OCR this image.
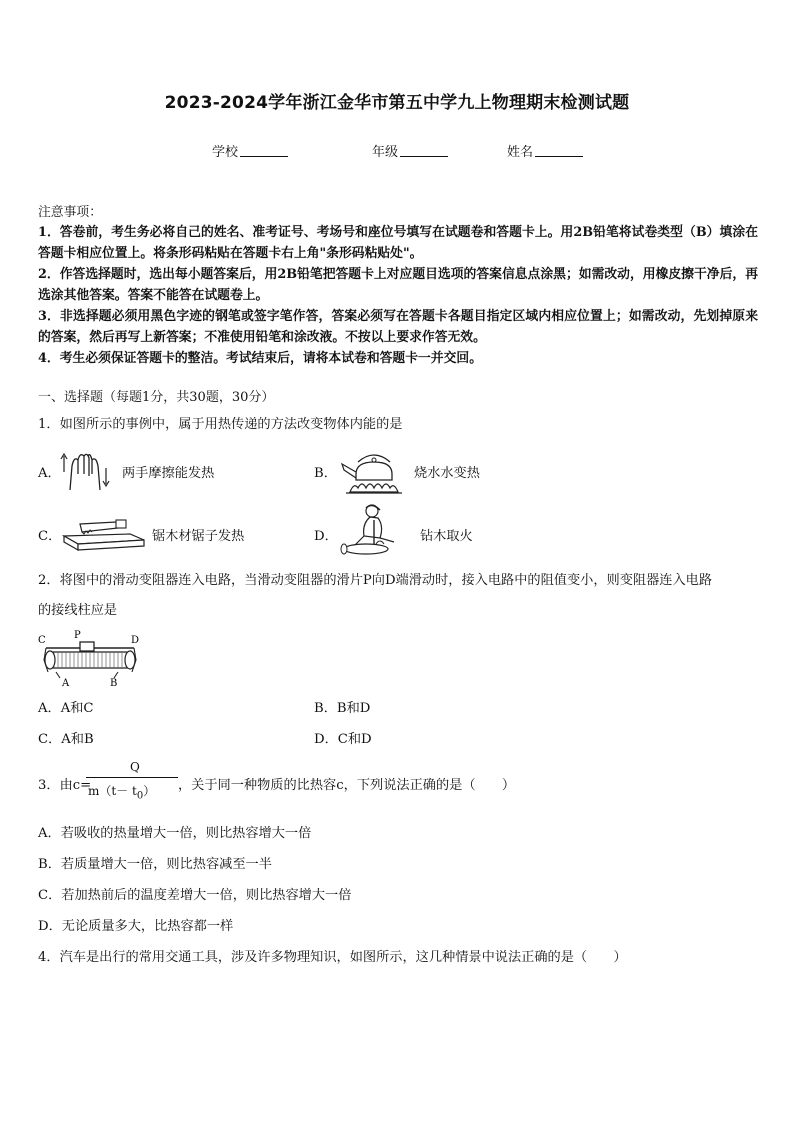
2023-2024学年浙江金华市第五中学九上物理期末检测试题
学校	年级	姓名
注意事项：
1．答卷前，考生务必将自己的姓名、准考证号、考场号和座位号填写在试题卷和答题卡上。用2B铅笔将试卷类型（B）填涂在答题卡相应位置上。将条形码粘贴在答题卡右上角"条形码粘贴处"。
2．作答选择题时，选出每小题答案后，用2B铅笔把答题卡上对应题目选项的答案信息点涂黑；如需改动，用橡皮擦干净后，再选涂其他答案。答案不能答在试题卷上。
3．非选择题必须用黑色字迹的钢笔或签字笔作答，答案必须写在答题卡各题目指定区域内相应位置上；如需改动，先划掉原来的答案，然后再写上新答案；不准使用铅笔和涂改液。不按以上要求作答无效。
4．考生必须保证答题卡的整洁。考试结束后，请将本试卷和答题卡一并交回。
一、选择题（每题1分，共30题，30分）
1．如图所示的事例中，属于用热传递的方法改变物体内能的是
A．	两手摩擦能发热	B．	烧水水变热
C．	锯木材锯子发热	D．	钻木取火
2．将图中的滑动变阻器连入电路，当滑动变阻器的滑片P向D端滑动时，接入电路中的阻值变小，则变阻器连入电路
的接线柱应是
C	P	D
A	B
A．A和C	B．B和D
C．A和B	D．C和D
3．由c=
Q
$m(t- t_0)$ ，关于同一种物质的比热容c，下列说法正确的是（　　）
A．若吸收的热量增大一倍，则比热容增大一倍
B．若质量增大一倍，则比热容减至一半
C．若加热前后的温度差增大一倍，则比热容增大一倍
D．无论质量多大，比热容都一样
4．汽车是出行的常用交通工具，涉及许多物理知识，如图所示，这几种情景中说法正确的是（　　）
